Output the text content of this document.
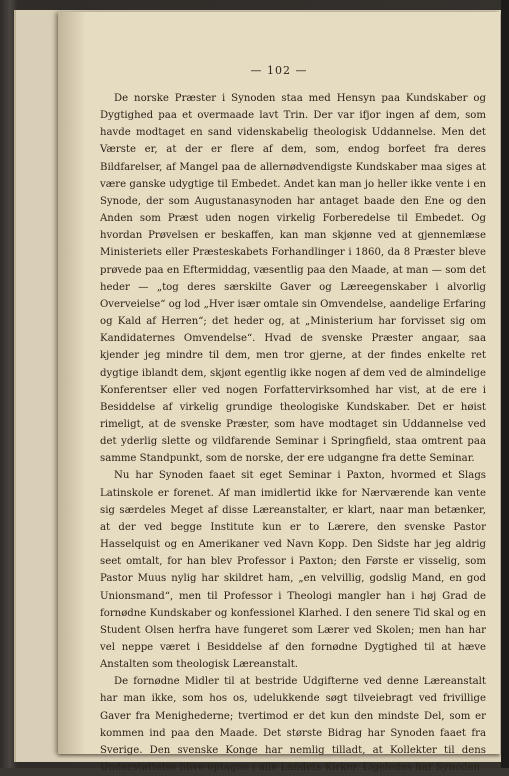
— 102 —

De norske Præster i Synoden staa med Hensyn paa Kundskaber og Dygtighed paa et overmaade lavt Trin. Der var ifjor ingen af dem, som havde modtaget en sand videnskabelig theologisk Uddannelse. Men det Værste er, at der er flere af dem, som, endog borfeet fra deres Bildfarelser, af Mangel paa de allernødvendigste Kundskaber maa siges at være ganske udygtige til Embedet. Andet kan man jo heller ikke vente i en Synode, der som Augustanasynoden har antaget baade den Ene og den Anden som Præst uden nogen virkelig Forberedelse til Embedet. Og hvordan Prøvelsen er beskaffen, kan man skjønne ved at gjennemlæse Ministeriets eller Præsteskabets Forhandlinger i 1860, da 8 Præster bleve prøvede paa en Eftermiddag, væsentlig paa den Maade, at man — som det heder — „tog deres særskilte Gaver og Læreegenskaber i alvorlig Overveielse“ og lod „Hver især omtale sin Omvendelse, aandelige Erfaring og Kald af Herren“; det heder og, at „Ministerium har forvisset sig om Kandidaternes Omvendelse“. Hvad de svenske Præster angaar, saa kjender jeg mindre til dem, men tror gjerne, at der findes enkelte ret dygtige iblandt dem, skjønt egentlig ikke nogen af dem ved de almindelige Konferentser eller ved nogen Forfattervirksomhed har vist, at de ere i Besiddelse af virkelig grundige theologiske Kundskaber. Det er høist rimeligt, at de svenske Præster, som have modtaget sin Uddannelse ved det yderlig slette og vildfarende Seminar i Springfield, staa omtrent paa samme Standpunkt, som de norske, der ere udgangne fra dette Seminar.

Nu har Synoden faaet sit eget Seminar i Paxton, hvormed et Slags Latinskole er forenet. Af man imidlertid ikke for Nærværende kan vente sig særdeles Meget af disse Læreanstalter, er klart, naar man betænker, at der ved begge Institute kun er to Lærere, den svenske Pastor Hasselquist og en Amerikaner ved Navn Kopp. Den Sidste har jeg aldrig seet omtalt, for han blev Professor i Paxton; den Første er visselig, som Pastor Muus nylig har skildret ham, „en velvillig, godslig Mand, en god Unionsmand“, men til Professor i Theologi mangler han i høj Grad de fornødne Kundskaber og konfessionel Klarhed. I den senere Tid skal og en Student Olsen herfra have fungeret som Lærer ved Skolen; men han har vel neppe været i Besiddelse af den fornødne Dygtighed til at hæve Anstalten som theologisk Læreanstalt.

De fornødne Midler til at bestride Udgifterne ved denne Læreanstalt har man ikke, som hos os, udelukkende søgt tilveiebragt ved frivillige Gaver fra Menighederne; tvertimod er det kun den mindste Del, som er kommen ind paa den Maade. Det største Bidrag har Synoden faaet fra Sverige. Den svenske Konge har nemlig tilladt, at Kollekter til dens Understøttelse blive optagne i alle Landets Kirker. Ligeledes har Synoden
